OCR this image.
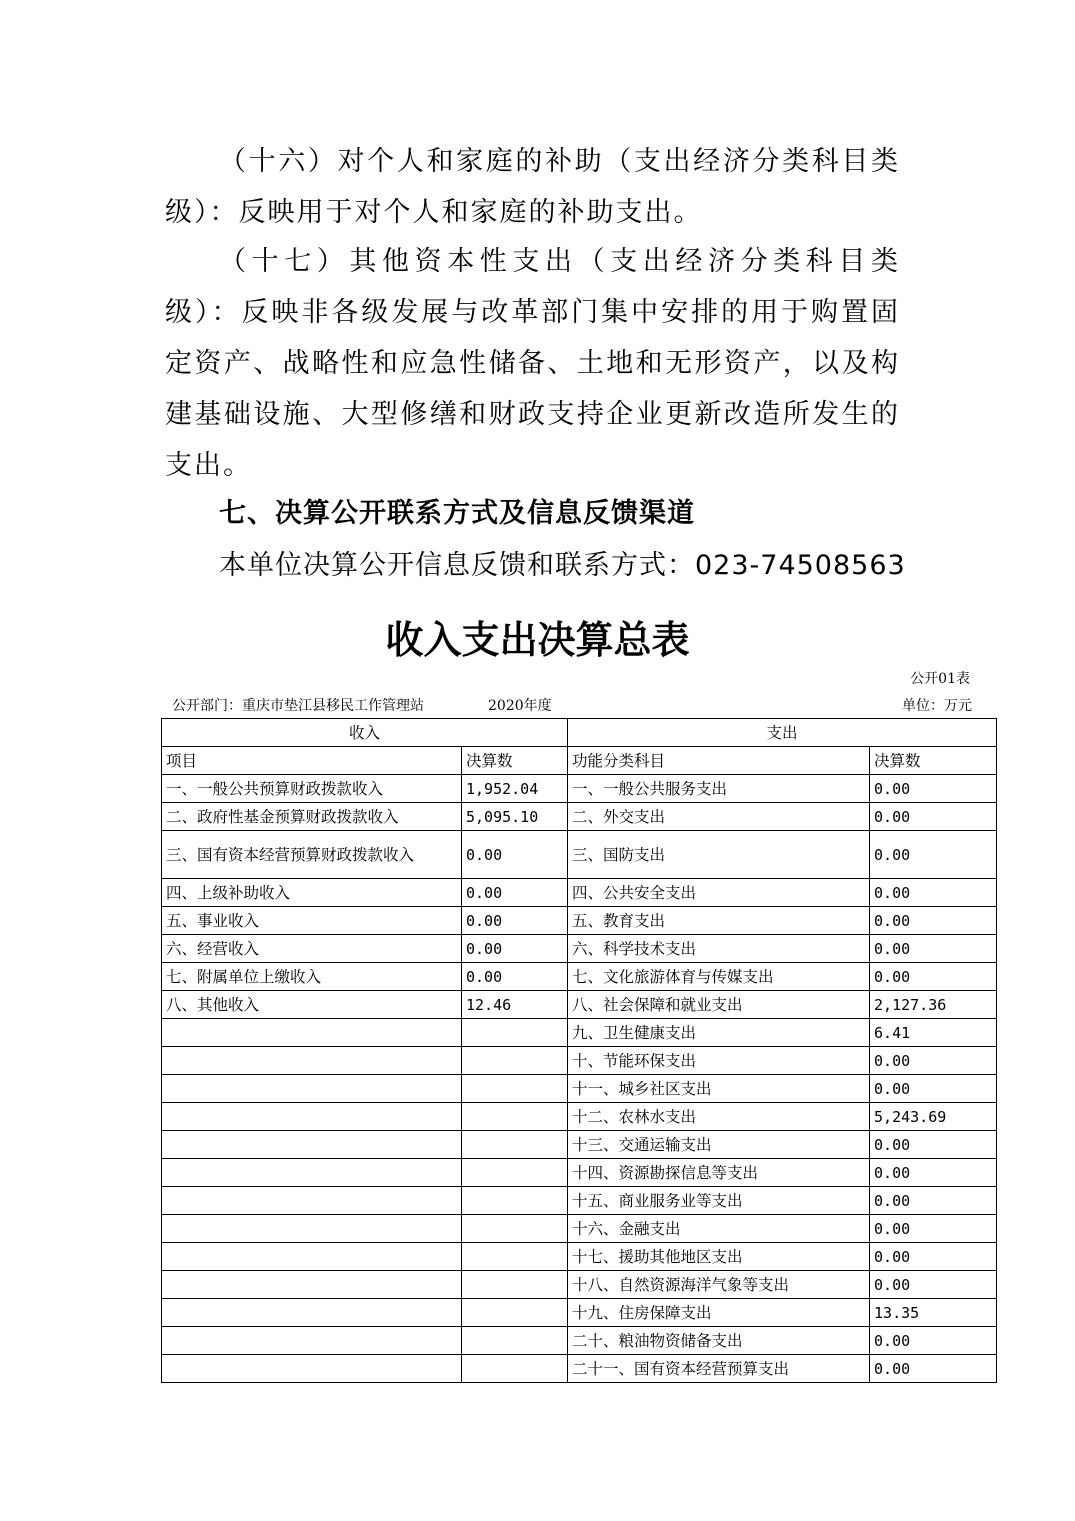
（十六）对个人和家庭的补助（支出经济分类科目类级）：反映用于对个人和家庭的补助支出。

（十七）其他资本性支出（支出经济分类科目类级）：反映非各级发展与改革部门集中安排的用于购置固定资产、战略性和应急性储备、土地和无形资产，以及构建基础设施、大型修缮和财政支持企业更新改造所发生的支出。

七、决算公开联系方式及信息反馈渠道

本单位决算公开信息反馈和联系方式：023-74508563

收入支出决算总表
公开01表
公开部门：重庆市垫江县移民工作管理站	2020年度	单位：万元
收入		支出	
项目	决算数	功能分类科目	决算数
一、一般公共预算财政拨款收入	1,952.04	一、一般公共服务支出	0.00
二、政府性基金预算财政拨款收入	5,095.10	二、外交支出	0.00
三、国有资本经营预算财政拨款收入	0.00	三、国防支出	0.00
四、上级补助收入	0.00	四、公共安全支出	0.00
五、事业收入	0.00	五、教育支出	0.00
六、经营收入	0.00	六、科学技术支出	0.00
七、附属单位上缴收入	0.00	七、文化旅游体育与传媒支出	0.00
八、其他收入	12.46	八、社会保障和就业支出	2,127.36
		九、卫生健康支出	6.41
		十、节能环保支出	0.00
		十一、城乡社区支出	0.00
		十二、农林水支出	5,243.69
		十三、交通运输支出	0.00
		十四、资源勘探信息等支出	0.00
		十五、商业服务业等支出	0.00
		十六、金融支出	0.00
		十七、援助其他地区支出	0.00
		十八、自然资源海洋气象等支出	0.00
		十九、住房保障支出	13.35
		二十、粮油物资储备支出	0.00
		二十一、国有资本经营预算支出	0.00
